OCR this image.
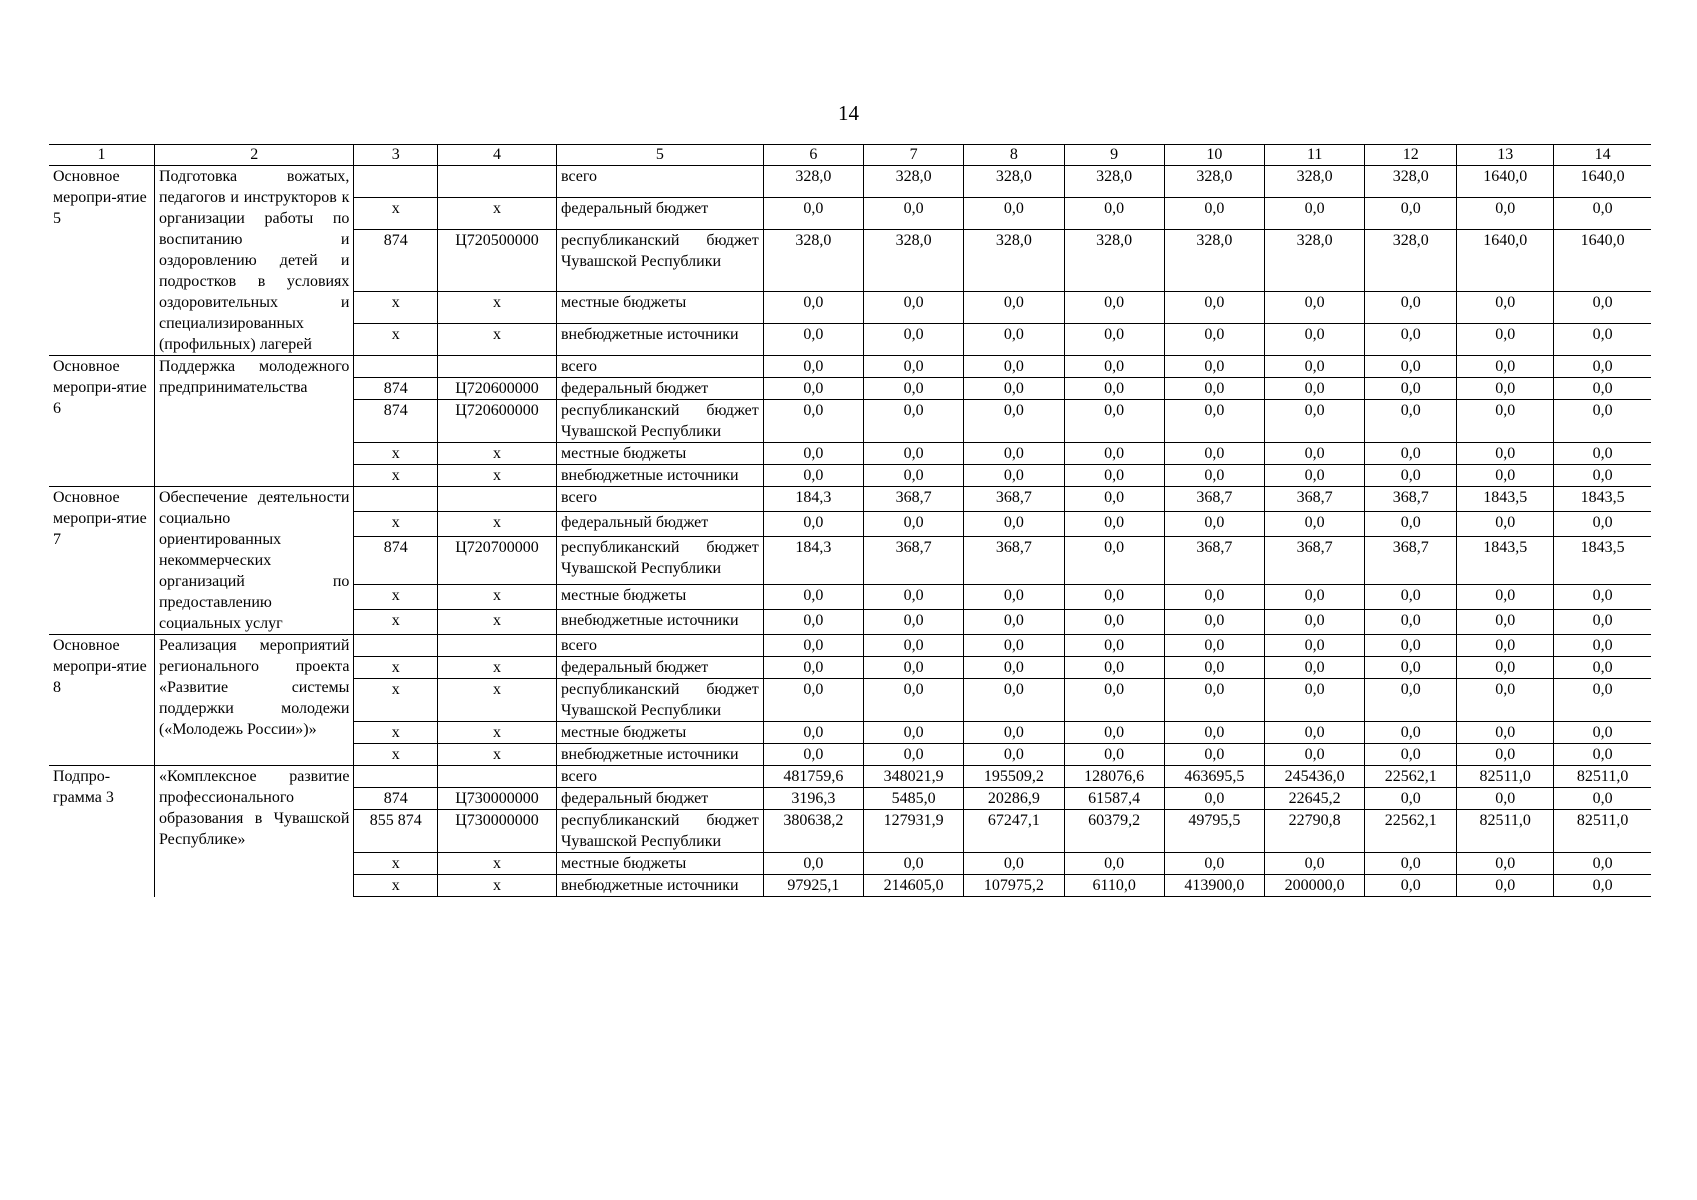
14
1	2	3	4	5	6	7	8	9	10	11	12	13	14
Основное меропри-ятие 5	Подготовка вожатых, педагогов и инструкторов к организации работы по воспитанию и оздоровлению детей и подростков в условиях оздоровительных и специализированных (профильных) лагерей			всего	328,0	328,0	328,0	328,0	328,0	328,0	328,0	1640,0	1640,0
		х	х	федеральный бюджет	0,0	0,0	0,0	0,0	0,0	0,0	0,0	0,0	0,0
		874	Ц720500000	республиканский бюджет Чувашской Республики	328,0	328,0	328,0	328,0	328,0	328,0	328,0	1640,0	1640,0
		х	х	местные бюджеты	0,0	0,0	0,0	0,0	0,0	0,0	0,0	0,0	0,0
		х	х	внебюджетные источники	0,0	0,0	0,0	0,0	0,0	0,0	0,0	0,0	0,0
Основное меропри-ятие 6	Поддержка молодежного предпринимательства			всего	0,0	0,0	0,0	0,0	0,0	0,0	0,0	0,0	0,0
		874	Ц720600000	федеральный бюджет	0,0	0,0	0,0	0,0	0,0	0,0	0,0	0,0	0,0
		874	Ц720600000	республиканский бюджет Чувашской Республики	0,0	0,0	0,0	0,0	0,0	0,0	0,0	0,0	0,0
		х	х	местные бюджеты	0,0	0,0	0,0	0,0	0,0	0,0	0,0	0,0	0,0
		х	х	внебюджетные источники	0,0	0,0	0,0	0,0	0,0	0,0	0,0	0,0	0,0
Основное меропри-ятие 7	Обеспечение деятельности социально ориентированных некоммерческих организаций по предоставлению социальных услуг			всего	184,3	368,7	368,7	0,0	368,7	368,7	368,7	1843,5	1843,5
		х	х	федеральный бюджет	0,0	0,0	0,0	0,0	0,0	0,0	0,0	0,0	0,0
		874	Ц720700000	республиканский бюджет Чувашской Республики	184,3	368,7	368,7	0,0	368,7	368,7	368,7	1843,5	1843,5
		х	х	местные бюджеты	0,0	0,0	0,0	0,0	0,0	0,0	0,0	0,0	0,0
		х	х	внебюджетные источники	0,0	0,0	0,0	0,0	0,0	0,0	0,0	0,0	0,0
Основное меропри-ятие 8	Реализация мероприятий регионального проекта «Развитие системы поддержки молодежи («Молодежь России»)»			всего	0,0	0,0	0,0	0,0	0,0	0,0	0,0	0,0	0,0
		х	х	федеральный бюджет	0,0	0,0	0,0	0,0	0,0	0,0	0,0	0,0	0,0
		х	х	республиканский бюджет Чувашской Республики	0,0	0,0	0,0	0,0	0,0	0,0	0,0	0,0	0,0
		х	х	местные бюджеты	0,0	0,0	0,0	0,0	0,0	0,0	0,0	0,0	0,0
		х	х	внебюджетные источники	0,0	0,0	0,0	0,0	0,0	0,0	0,0	0,0	0,0
Подпро-грамма 3	«Комплексное развитие профессионального образования в Чувашской Республике»			всего	481759,6	348021,9	195509,2	128076,6	463695,5	245436,0	22562,1	82511,0	82511,0
		874	Ц730000000	федеральный бюджет	3196,3	5485,0	20286,9	61587,4	0,0	22645,2	0,0	0,0	0,0
		855 874	Ц730000000	республиканский бюджет Чувашской Республики	380638,2	127931,9	67247,1	60379,2	49795,5	22790,8	22562,1	82511,0	82511,0
		х	х	местные бюджеты	0,0	0,0	0,0	0,0	0,0	0,0	0,0	0,0	0,0
		х	х	внебюджетные источники	97925,1	214605,0	107975,2	6110,0	413900,0	200000,0	0,0	0,0	0,0
